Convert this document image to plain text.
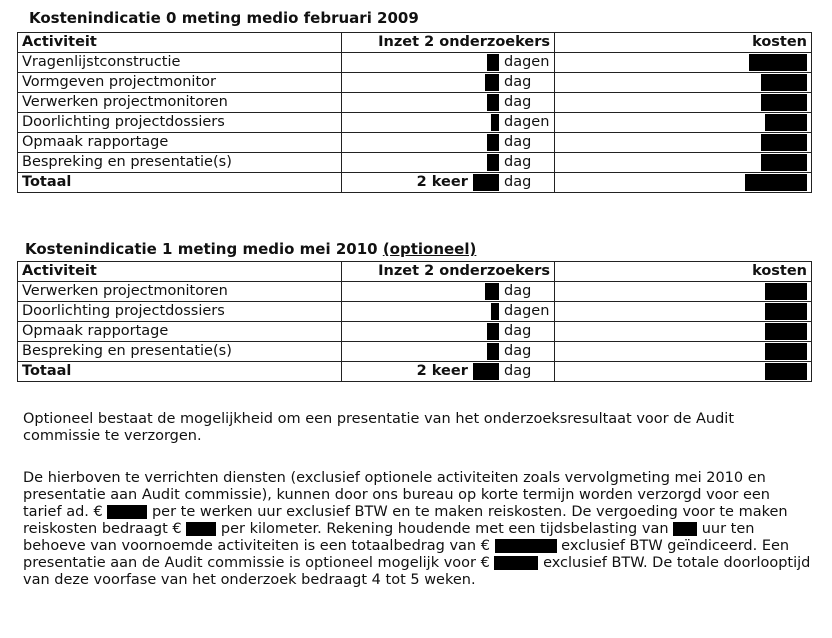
Kostenindicatie 0 meting medio februari 2009
Activiteit	Inzet 2 onderzoekers	kosten
Vragenlijstconstructie	dagen	
Vormgeven projectmonitor	dag	
Verwerken projectmonitoren	dag	
Doorlichting projectdossiers	dagen	
Opmaak rapportage	dag	
Bespreking en presentatie(s)	dag	
Totaal	2 keer dag	
Kostenindicatie 1 meting medio mei 2010 (optioneel)
Activiteit	Inzet 2 onderzoekers	kosten
Verwerken projectmonitoren	dag	
Doorlichting projectdossiers	dagen	
Opmaak rapportage	dag	
Bespreking en presentatie(s)	dag	
Totaal	2 keer dag	
Optioneel bestaat de mogelijkheid om een presentatie van het onderzoeksresultaat voor de Audit commissie te verzorgen.
De hierboven te verrichten diensten (exclusief optionele activiteiten zoals vervolgmeting mei 2010 en presentatie aan Audit commissie), kunnen door ons bureau op korte termijn worden verzorgd voor een tarief ad. €	per te werken uur exclusief BTW en te maken reiskosten. De vergoeding voor te maken reiskosten bedraagt €	per kilometer. Rekening houdende met een tijdsbelasting van uur ten behoeve van voornoemde activiteiten is een totaalbedrag van €	exclusief BTW geïndiceerd. Een presentatie aan de Audit commissie is optioneel mogelijk voor €	exclusief BTW. De totale doorlooptijd van deze voorfase van het onderzoek bedraagt 4 tot 5 weken.
